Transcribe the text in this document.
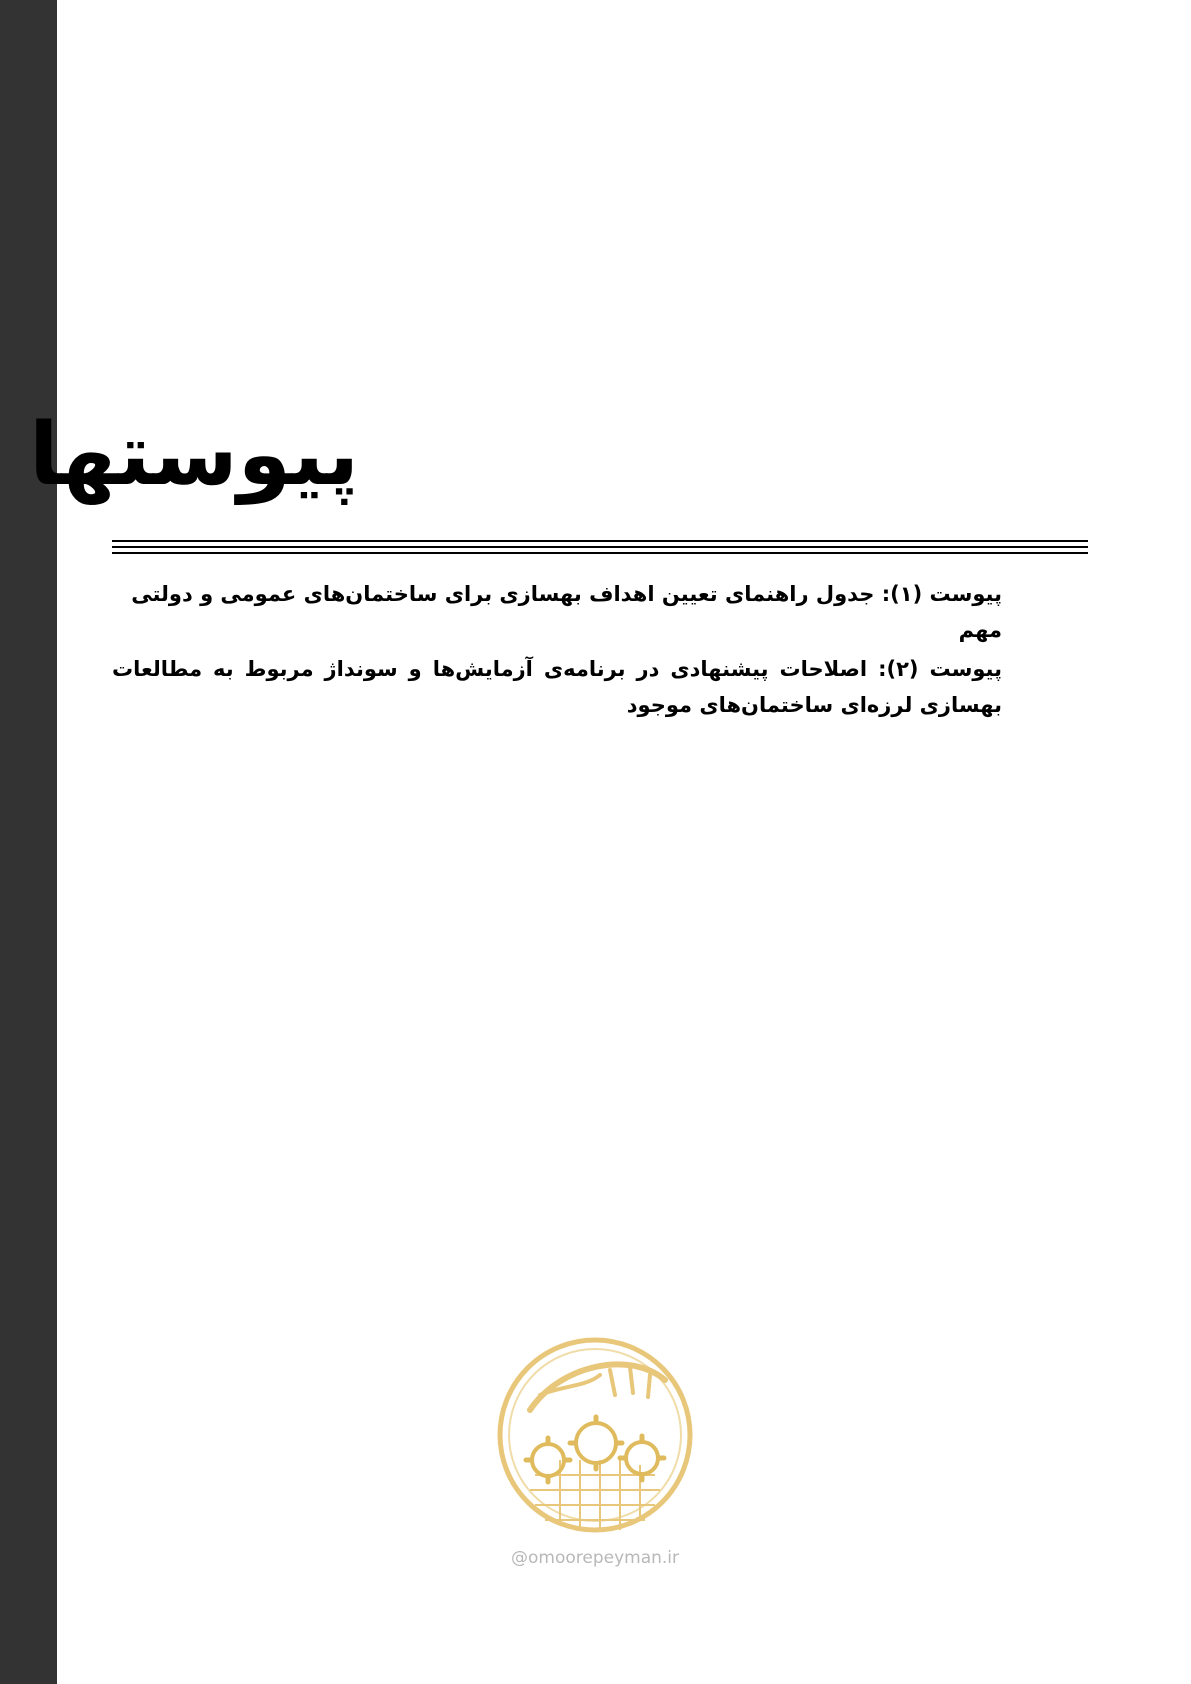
پیوستها

پیوست (۱): جدول راهنمای تعیین اهداف بهسازی برای ساختمان‌های عمومی و دولتی مهم

پیوست (۲): اصلاحات پیشنهادی در برنامه‌ی آزمایش‌ها و سونداژ مربوط به مطالعات بهسازی لرزه‌ای ساختمان‌های موجود

@omoorepeyman.ir
